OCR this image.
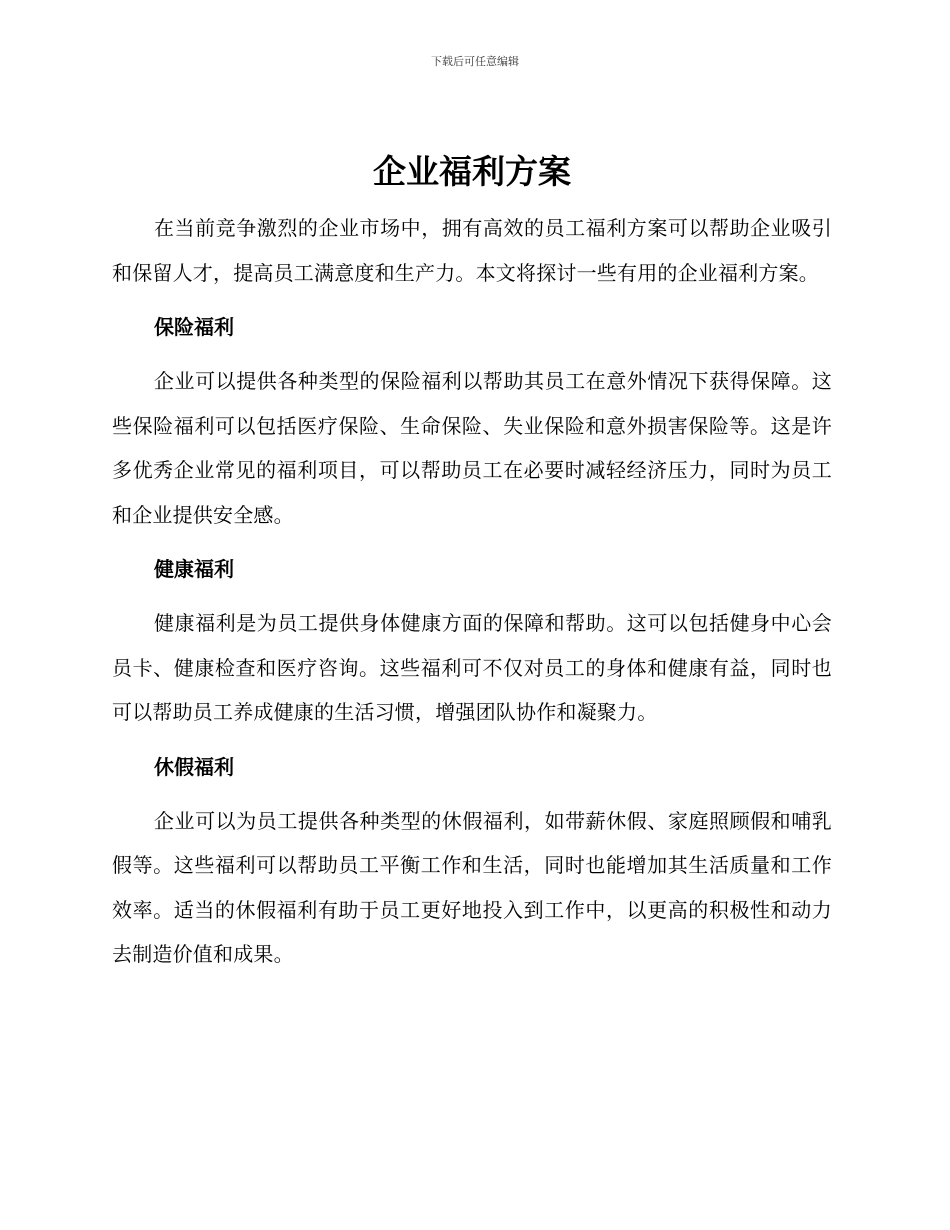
下载后可任意编辑
企业福利方案

在当前竞争激烈的企业市场中，拥有高效的员工福利方案可以帮助企业吸引和保留人才，提高员工满意度和生产力。本文将探讨一些有用的企业福利方案。

保险福利

企业可以提供各种类型的保险福利以帮助其员工在意外情况下获得保障。这些保险福利可以包括医疗保险、生命保险、失业保险和意外损害保险等。这是许多优秀企业常见的福利项目，可以帮助员工在必要时减轻经济压力，同时为员工和企业提供安全感。

健康福利

健康福利是为员工提供身体健康方面的保障和帮助。这可以包括健身中心会员卡、健康检查和医疗咨询。这些福利可不仅对员工的身体和健康有益，同时也可以帮助员工养成健康的生活习惯，增强团队协作和凝聚力。

休假福利

企业可以为员工提供各种类型的休假福利，如带薪休假、家庭照顾假和哺乳假等。这些福利可以帮助员工平衡工作和生活，同时也能增加其生活质量和工作效率。适当的休假福利有助于员工更好地投入到工作中，以更高的积极性和动力去制造价值和成果。
